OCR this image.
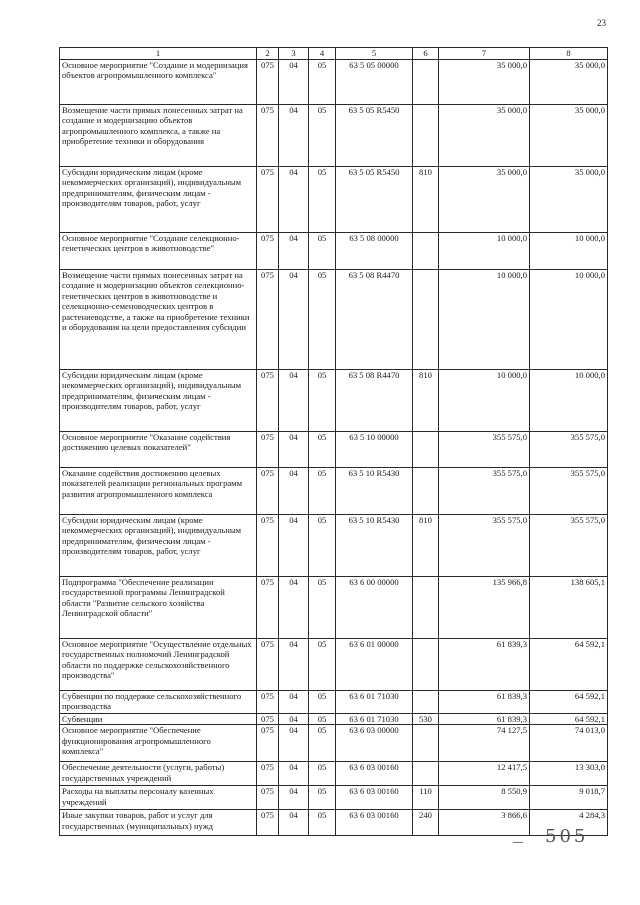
23
1	2	3	4	5	6	7	8
Основное мероприятие "Создание и модернизация объектов агропромышленного комплекса"	075	04	05	63 5 05 00000		35 000,0	35 000,0
Возмещение части прямых понесенных затрат на создание и модернизацию объектов агропромышленного комплекса, а также на приобретение техники и оборудования	075	04	05	63 5 05 R5450		35 000,0	35 000,0
Субсидии юридическим лицам (кроме некоммерческих организаций), индивидуальным предпринимателям, физическим лицам - производителям товаров, работ, услуг	075	04	05	63 5 05 R5450	810	35 000,0	35 000,0
Основное мероприятие "Создание селекционно-генетических центров в животноводстве"	075	04	05	63 5 08 00000		10 000,0	10 000,0
Возмещение части прямых понесенных затрат на создание и модернизацию объектов селекционно-генетических центров в животноводстве и селекционно-семеноводческих центров в растениеводстве, а также на приобретение техники и оборудования на цели предоставления субсидии	075	04	05	63 5 08 R4470		10 000,0	10 000,0
Субсидии юридическим лицам (кроме некоммерческих организаций), индивидуальным предпринимателям, физическим лицам - производителям товаров, работ, услуг	075	04	05	63 5 08 R4470	810	10 000,0	10 000,0
Основное мероприятие "Оказание содействия достижению целевых показателей"	075	04	05	63 5 10 00000		355 575,0	355 575,0
Оказание содействия достижению целевых показателей реализации региональных программ развития агропромышленного комплекса	075	04	05	63 5 10 R5430		355 575,0	355 575,0
Субсидии юридическим лицам (кроме некоммерческих организаций), индивидуальным предпринимателям, физическим лицам - производителям товаров, работ, услуг	075	04	05	63 5 10 R5430	810	355 575,0	355 575,0
Подпрограмма "Обеспечение реализации государственной программы Ленинградской области "Развитие сельского хозяйства Ленинградской области"	075	04	05	63 6 00 00000		135 966,8	138 605,1
Основное мероприятие "Осуществление отдельных государственных полномочий Ленинградской области по поддержке сельскохозяйственного производства"	075	04	05	63 6 01 00000		61 839,3	64 592,1
Субвенции по поддержке сельскохозяйственного производства	075	04	05	63 6 01 71030		61 839,3	64 592,1
Субвенции	075	04	05	63 6 01 71030	530	61 839,3	64 592,1
Основное мероприятие "Обеспечение функционирования агропромышленного комплекса"	075	04	05	63 6 03 00000		74 127,5	74 013,0
Обеспечение деятельности (услуги, работы) государственных учреждений	075	04	05	63 6 03 00160		12 417,5	13 303,0
Расходы на выплаты персоналу казенных учреждений	075	04	05	63 6 03 00160	110	8 550,9	9 018,7
Иные закупки товаров, работ и услуг для государственных (муниципальных) нужд	075	04	05	63 6 03 00160	240	3 866,6	4 284,3
505
